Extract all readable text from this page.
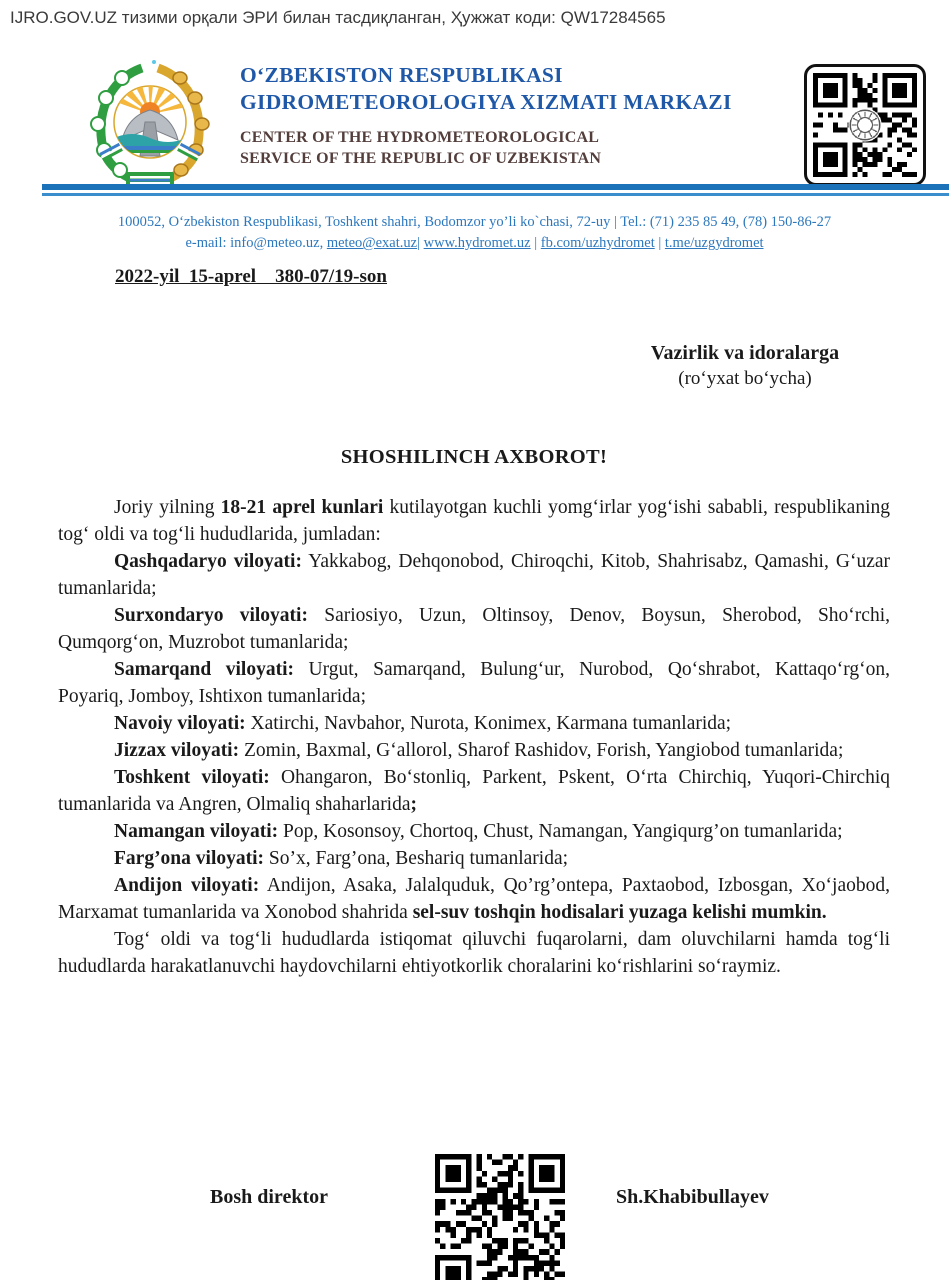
IJRO.GOV.UZ тизими орқали ЭРИ билан тасдиқланган, Ҳужжат коди: QW17284565
O‘ZBEKISTON RESPUBLIKASI
GIDROMETEOROLOGIYA XIZMATI MARKAZI
CENTER OF THE HYDROMETEOROLOGICAL
SERVICE OF THE REPUBLIC OF UZBEKISTAN
100052, O‘zbekiston Respublikasi, Toshkent shahri, Bodomzor yo’li ko`chasi, 72-uy | Tel.: (71) 235 85 49, (78) 150-86-27
e-mail: info@meteo.uz, meteo@exat.uz| www.hydromet.uz | fb.com/uzhydromet | t.me/uzgydromet
2022-yil  15-aprel    380-07/19-son
Vazirlik va idoralarga
(ro‘yxat bo‘ycha)
SHOSHILINCH AXBOROT!

Joriy yilning 18-21 aprel kunlari kutilayotgan kuchli yomg‘irlar yog‘ishi sababli, respublikaning tog‘ oldi va tog‘li hududlarida, jumladan:

Qashqadaryo viloyati: Yakkabog, Dehqonobod, Chiroqchi, Kitob, Shahrisabz, Qamashi, G‘uzar tumanlarida;

Surxondaryo viloyati: Sariosiyo, Uzun, Oltinsoy, Denov, Boysun, Sherobod, Sho‘rchi, Qumqorg‘on, Muzrobot tumanlarida;

Samarqand viloyati: Urgut, Samarqand, Bulung‘ur, Nurobod, Qo‘shrabot, Kattaqo‘rg‘on, Poyariq, Jomboy, Ishtixon tumanlarida;

Navoiy viloyati: Xatirchi, Navbahor, Nurota, Konimex, Karmana tumanlarida;

Jizzax viloyati: Zomin, Baxmal, G‘allorol, Sharof Rashidov, Forish, Yangiobod tumanlarida;

Toshkent viloyati: Ohangaron, Bo‘stonliq, Parkent, Pskent, O‘rta Chirchiq, Yuqori-Chirchiq tumanlarida va Angren, Olmaliq shaharlarida;

Namangan viloyati: Pop, Kosonsoy, Chortoq, Chust, Namangan, Yangiqurg’on tumanlarida;

Farg’ona viloyati: So’x, Farg’ona, Beshariq tumanlarida;

Andijon viloyati: Andijon, Asaka, Jalalquduk, Qo’rg’ontepa, Paxtaobod, Izbosgan, Xo‘jaobod, Marxamat tumanlarida va Xonobod shahrida sel-suv toshqin hodisalari yuzaga kelishi mumkin.

Tog‘ oldi va tog‘li hududlarda istiqomat qiluvchi fuqarolarni, dam oluvchilarni hamda tog‘li hududlarda harakatlanuvchi haydovchilarni ehtiyotkorlik choralarini ko‘rishlarini so‘raymiz.

Bosh direktor	Sh.Khabibullayev
